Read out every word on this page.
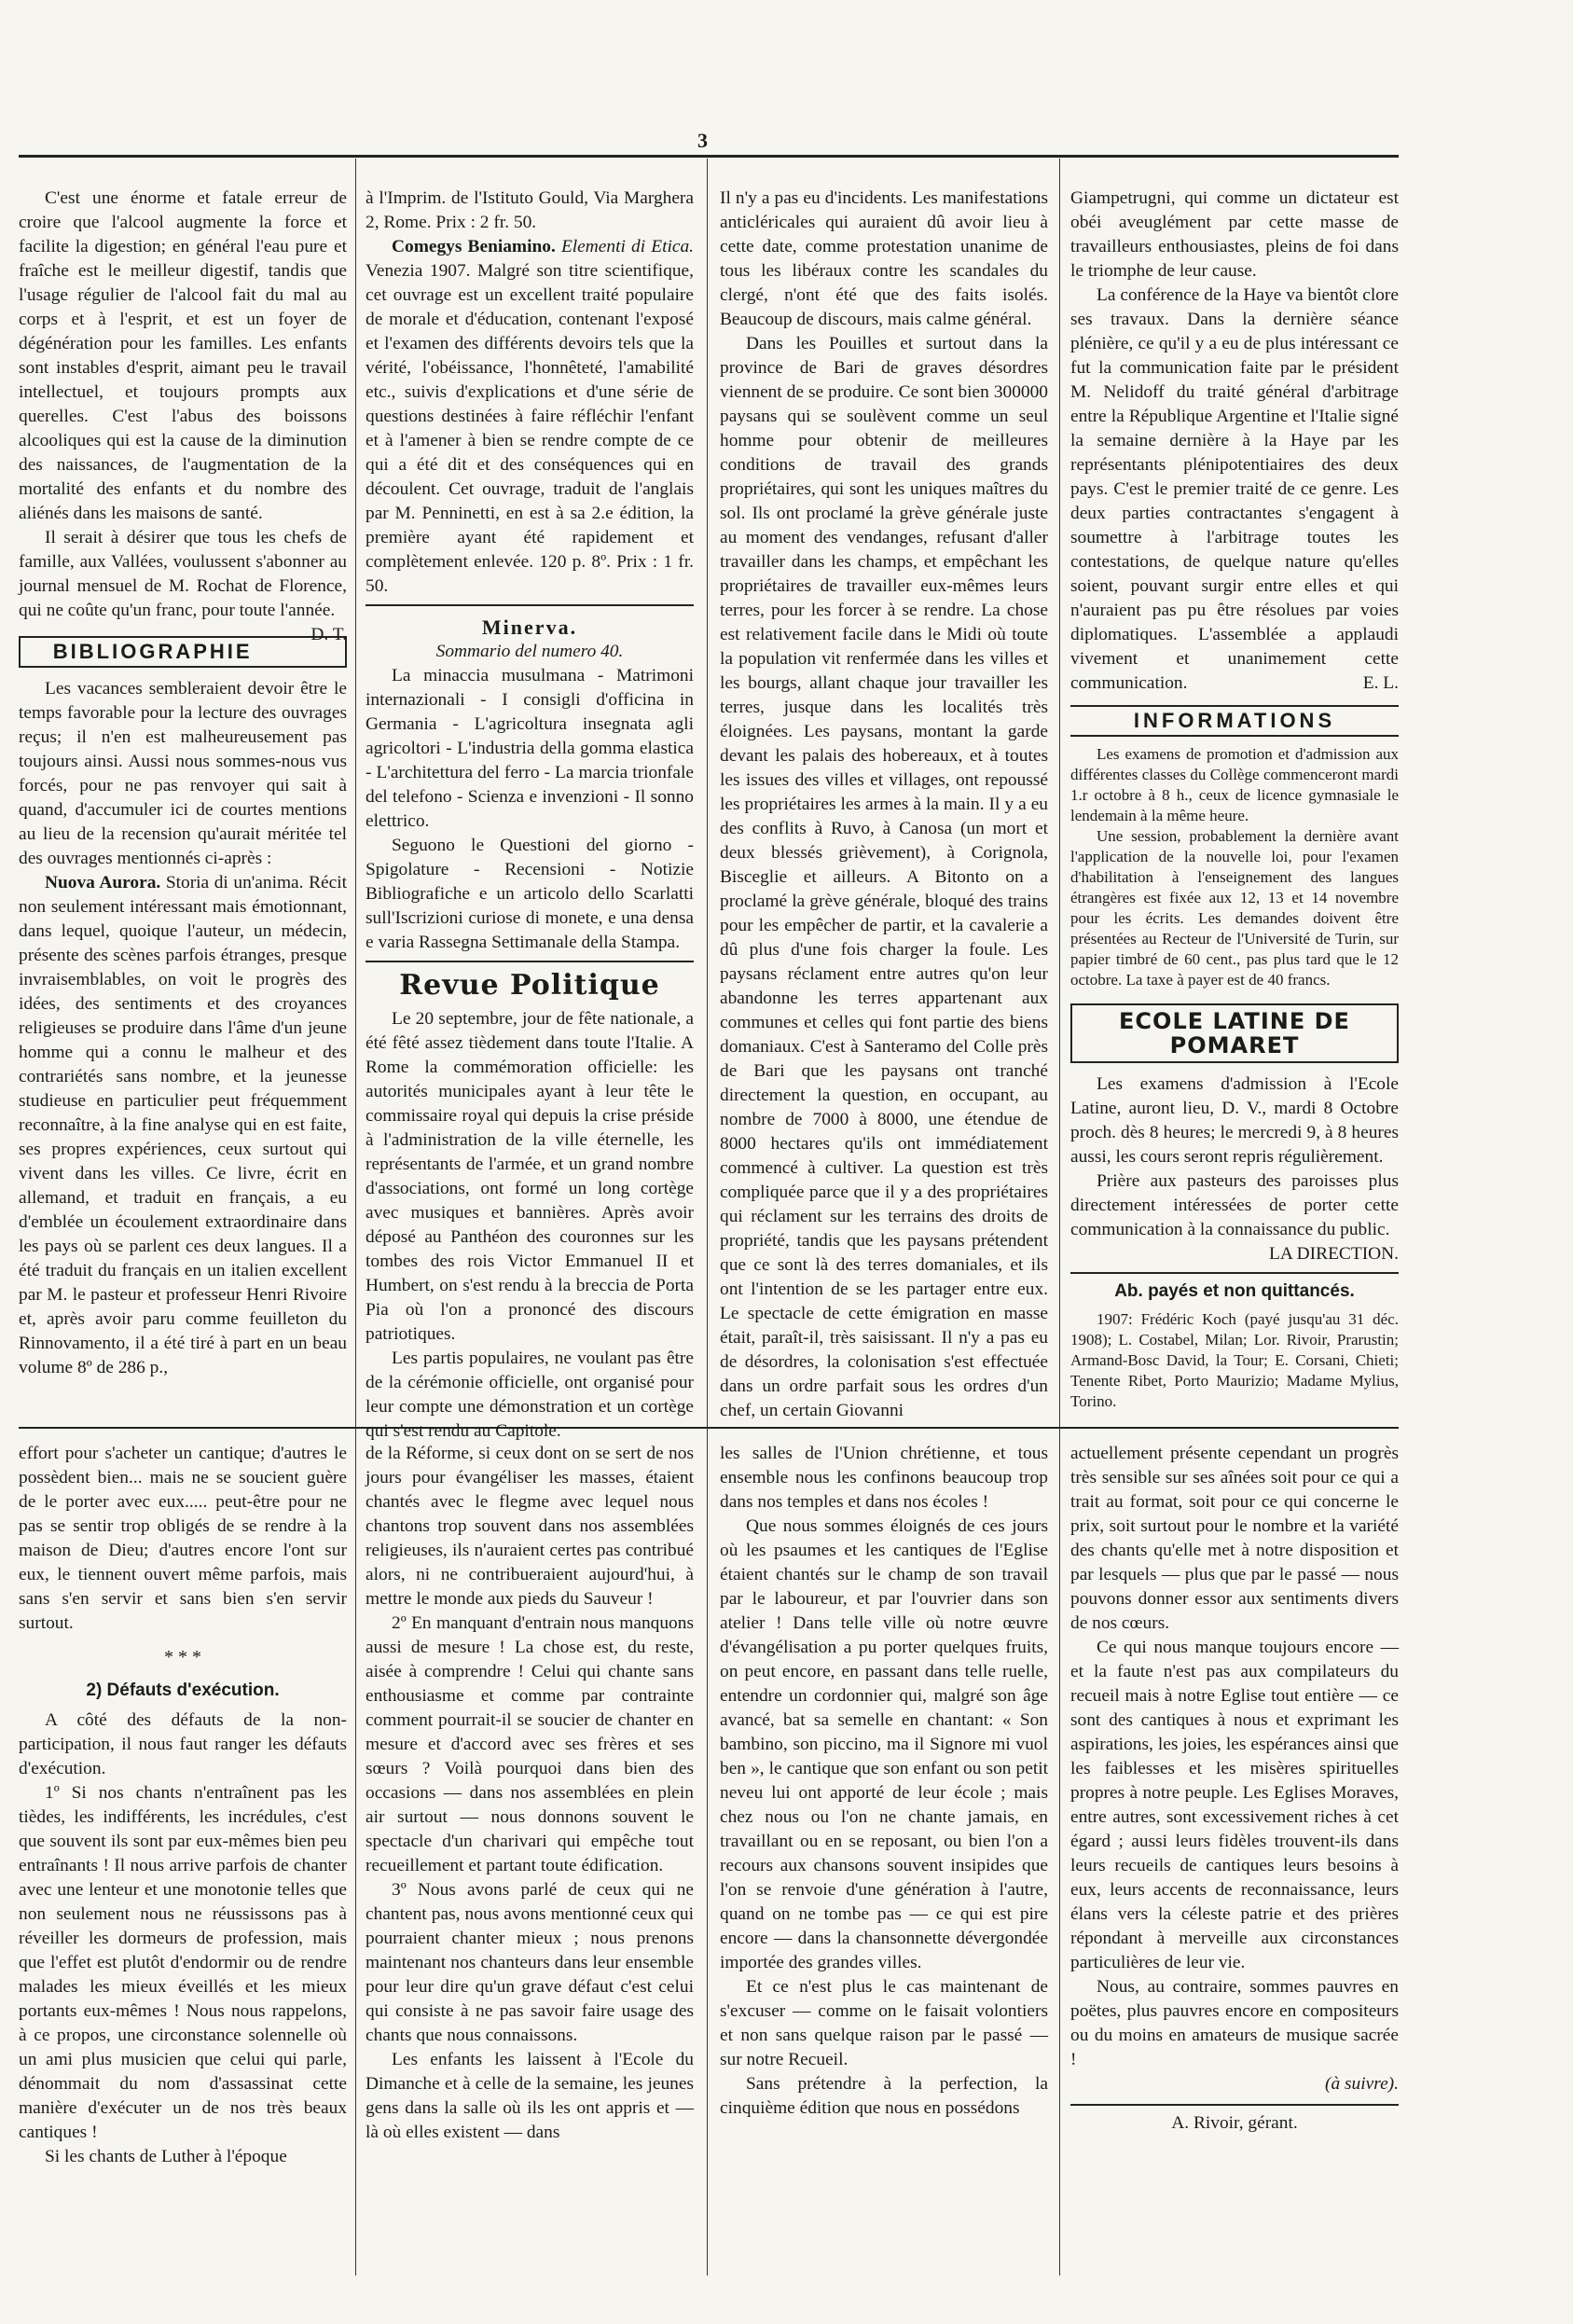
3

C'est une énorme et fatale erreur de croire que l'alcool augmente la force et facilite la digestion; en général l'eau pure et fraîche est le meilleur digestif, tandis que l'usage régulier de l'alcool fait du mal au corps et à l'esprit, et est un foyer de dégénération pour les familles. Les enfants sont instables d'esprit, aimant peu le travail intellectuel, et toujours prompts aux querelles. C'est l'abus des boissons alcooliques qui est la cause de la diminution des naissances, de l'augmentation de la mortalité des enfants et du nombre des aliénés dans les maisons de santé.

Il serait à désirer que tous les chefs de famille, aux Vallées, voulussent s'abonner au journal mensuel de M. Rochat de Florence, qui ne coûte qu'un franc, pour toute l'année.
D. T.

BIBLIOGRAPHIE

Les vacances sembleraient devoir être le temps favorable pour la lecture des ouvrages reçus; il n'en est malheureusement pas toujours ainsi. Aussi nous sommes-nous vus forcés, pour ne pas renvoyer qui sait à quand, d'accumuler ici de courtes mentions au lieu de la recension qu'aurait méritée tel des ouvrages mentionnés ci-après :

Nuova Aurora. Storia di un'anima. Récit non seulement intéressant mais émotionnant, dans lequel, quoique l'auteur, un médecin, présente des scènes parfois étranges, presque invraisemblables, on voit le progrès des idées, des sentiments et des croyances religieuses se produire dans l'âme d'un jeune homme qui a connu le malheur et des contrariétés sans nombre, et la jeunesse studieuse en particulier peut fréquemment reconnaître, à la fine analyse qui en est faite, ses propres expériences, ceux surtout qui vivent dans les villes. Ce livre, écrit en allemand, et traduit en français, a eu d'emblée un écoulement extraordinaire dans les pays où se parlent ces deux langues. Il a été traduit du français en un italien excellent par M. le pasteur et professeur Henri Rivoire et, après avoir paru comme feuilleton du Rinnovamento, il a été tiré à part en un beau volume 8º de 286 p.,

à l'Imprim. de l'Istituto Gould, Via Marghera 2, Rome. Prix : 2 fr. 50.

Comegys Beniamino. Elementi di Etica. Venezia 1907. Malgré son titre scientifique, cet ouvrage est un excellent traité populaire de morale et d'éducation, contenant l'exposé et l'examen des différents devoirs tels que la vérité, l'obéissance, l'honnêteté, l'amabilité etc., suivis d'explications et d'une série de questions destinées à faire réfléchir l'enfant et à l'amener à bien se rendre compte de ce qui a été dit et des conséquences qui en découlent. Cet ouvrage, traduit de l'anglais par M. Penninetti, en est à sa 2.e édition, la première ayant été rapidement et complètement enlevée. 120 p. 8º. Prix : 1 fr. 50.

Minerva.
Sommario del numero 40.

La minaccia musulmana - Matrimoni internazionali - I consigli d'officina in Germania - L'agricoltura insegnata agli agricoltori - L'industria della gomma elastica - L'architettura del ferro - La marcia trionfale del telefono - Scienza e invenzioni - Il sonno elettrico.

Seguono le Questioni del giorno - Spigolature - Recensioni - Notizie Bibliografiche e un articolo dello Scarlatti sull'Iscrizioni curiose di monete, e una densa e varia Rassegna Settimanale della Stampa.

Revue Politique

Le 20 septembre, jour de fête nationale, a été fêté assez tièdement dans toute l'Italie. A Rome la commémoration officielle: les autorités municipales ayant à leur tête le commissaire royal qui depuis la crise préside à l'administration de la ville éternelle, les représentants de l'armée, et un grand nombre d'associations, ont formé un long cortège avec musiques et bannières. Après avoir déposé au Panthéon des couronnes sur les tombes des rois Victor Emmanuel II et Humbert, on s'est rendu à la breccia de Porta Pia où l'on a prononcé des discours patriotiques.

Les partis populaires, ne voulant pas être de la cérémonie officielle, ont organisé pour leur compte une démonstration et un cortège qui s'est rendu au Capitole.

Il n'y a pas eu d'incidents. Les manifestations anticléricales qui auraient dû avoir lieu à cette date, comme protestation unanime de tous les libéraux contre les scandales du clergé, n'ont été que des faits isolés. Beaucoup de discours, mais calme général.

Dans les Pouilles et surtout dans la province de Bari de graves désordres viennent de se produire. Ce sont bien 300000 paysans qui se soulèvent comme un seul homme pour obtenir de meilleures conditions de travail des grands propriétaires, qui sont les uniques maîtres du sol. Ils ont proclamé la grève générale juste au moment des vendanges, refusant d'aller travailler dans les champs, et empêchant les propriétaires de travailler eux-mêmes leurs terres, pour les forcer à se rendre. La chose est relativement facile dans le Midi où toute la population vit renfermée dans les villes et les bourgs, allant chaque jour travailler les terres, jusque dans les localités très éloignées. Les paysans, montant la garde devant les palais des hobereaux, et à toutes les issues des villes et villages, ont repoussé les propriétaires les armes à la main. Il y a eu des conflits à Ruvo, à Canosa (un mort et deux blessés grièvement), à Corignola, Bisceglie et ailleurs. A Bitonto on a proclamé la grève générale, bloqué des trains pour les empêcher de partir, et la cavalerie a dû plus d'une fois charger la foule. Les paysans réclament entre autres qu'on leur abandonne les terres appartenant aux communes et celles qui font partie des biens domaniaux. C'est à Santeramo del Colle près de Bari que les paysans ont tranché directement la question, en occupant, au nombre de 7000 à 8000, une étendue de 8000 hectares qu'ils ont immédiatement commencé à cultiver. La question est très compliquée parce que il y a des propriétaires qui réclament sur les terrains des droits de propriété, tandis que les paysans prétendent que ce sont là des terres domaniales, et ils ont l'intention de se les partager entre eux. Le spectacle de cette émigration en masse était, paraît-il, très saisissant. Il n'y a pas eu de désordres, la colonisation s'est effectuée dans un ordre parfait sous les ordres d'un chef, un certain Giovanni

Giampetrugni, qui comme un dictateur est obéi aveuglément par cette masse de travailleurs enthousiastes, pleins de foi dans le triomphe de leur cause.

La conférence de la Haye va bientôt clore ses travaux. Dans la dernière séance plénière, ce qu'il y a eu de plus intéressant ce fut la communication faite par le président M. Nelidoff du traité général d'arbitrage entre la République Argentine et l'Italie signé la semaine dernière à la Haye par les représentants plénipotentiaires des deux pays. C'est le premier traité de ce genre. Les deux parties contractantes s'engagent à soumettre à l'arbitrage toutes les contestations, de quelque nature qu'elles soient, pouvant surgir entre elles et qui n'auraient pas pu être résolues par voies diplomatiques. L'assemblée a applaudi vivement et unanimement cette communication.	E. L.

INFORMATIONS

Les examens de promotion et d'admission aux différentes classes du Collège commenceront mardi 1.r octobre à 8 h., ceux de licence gymnasiale le lendemain à la même heure.

Une session, probablement la dernière avant l'application de la nouvelle loi, pour l'examen d'habilitation à l'enseignement des langues étrangères est fixée aux 12, 13 et 14 novembre pour les écrits. Les demandes doivent être présentées au Recteur de l'Université de Turin, sur papier timbré de 60 cent., pas plus tard que le 12 octobre. La taxe à payer est de 40 francs.

ECOLE LATINE DE POMARET

Les examens d'admission à l'Ecole Latine, auront lieu, D. V., mardi 8 Octobre proch. dès 8 heures; le mercredi 9, à 8 heures aussi, les cours seront repris régulièrement.

Prière aux pasteurs des paroisses plus directement intéressées de porter cette communication à la connaissance du public.

LA DIRECTION.
Ab. payés et non quittancés.

1907: Frédéric Koch (payé jusqu'au 31 déc. 1908); L. Costabel, Milan; Lor. Rivoir, Prarustin; Armand-Bosc David, la Tour; E. Corsani, Chieti; Tenente Ribet, Porto Maurizio; Madame Mylius, Torino.

effort pour s'acheter un cantique; d'autres le possèdent bien... mais ne se soucient guère de le porter avec eux..... peut-être pour ne pas se sentir trop obligés de se rendre à la maison de Dieu; d'autres encore l'ont sur eux, le tiennent ouvert même parfois, mais sans s'en servir et sans bien s'en servir surtout.

* * *
2) Défauts d'exécution.

A côté des défauts de la non-participation, il nous faut ranger les défauts d'exécution.

1º Si nos chants n'entraînent pas les tièdes, les indifférents, les incrédules, c'est que souvent ils sont par eux-mêmes bien peu entraînants ! Il nous arrive parfois de chanter avec une lenteur et une monotonie telles que non seulement nous ne réussissons pas à réveiller les dormeurs de profession, mais que l'effet est plutôt d'endormir ou de rendre malades les mieux éveillés et les mieux portants eux-mêmes ! Nous nous rappelons, à ce propos, une circonstance solennelle où un ami plus musicien que celui qui parle, dénommait du nom d'assassinat cette manière d'exécuter un de nos très beaux cantiques !

Si les chants de Luther à l'époque

de la Réforme, si ceux dont on se sert de nos jours pour évangéliser les masses, étaient chantés avec le flegme avec lequel nous chantons trop souvent dans nos assemblées religieuses, ils n'auraient certes pas contribué alors, ni ne contribueraient aujourd'hui, à mettre le monde aux pieds du Sauveur !

2º En manquant d'entrain nous manquons aussi de mesure ! La chose est, du reste, aisée à comprendre ! Celui qui chante sans enthousiasme et comme par contrainte comment pourrait-il se soucier de chanter en mesure et d'accord avec ses frères et ses sœurs ? Voilà pourquoi dans bien des occasions — dans nos assemblées en plein air surtout — nous donnons souvent le spectacle d'un charivari qui empêche tout recueillement et partant toute édification.

3º Nous avons parlé de ceux qui ne chantent pas, nous avons mentionné ceux qui pourraient chanter mieux ; nous prenons maintenant nos chanteurs dans leur ensemble pour leur dire qu'un grave défaut c'est celui qui consiste à ne pas savoir faire usage des chants que nous connaissons.

Les enfants les laissent à l'Ecole du Dimanche et à celle de la semaine, les jeunes gens dans la salle où ils les ont appris et — là où elles existent — dans

les salles de l'Union chrétienne, et tous ensemble nous les confinons beaucoup trop dans nos temples et dans nos écoles !

Que nous sommes éloignés de ces jours où les psaumes et les cantiques de l'Eglise étaient chantés sur le champ de son travail par le laboureur, et par l'ouvrier dans son atelier ! Dans telle ville où notre œuvre d'évangélisation a pu porter quelques fruits, on peut encore, en passant dans telle ruelle, entendre un cordonnier qui, malgré son âge avancé, bat sa semelle en chantant: « Son bambino, son piccino, ma il Signore mi vuol ben », le cantique que son enfant ou son petit neveu lui ont apporté de leur école ; mais chez nous ou l'on ne chante jamais, en travaillant ou en se reposant, ou bien l'on a recours aux chansons souvent insipides que l'on se renvoie d'une génération à l'autre, quand on ne tombe pas — ce qui est pire encore — dans la chansonnette dévergondée importée des grandes villes.

Et ce n'est plus le cas maintenant de s'excuser — comme on le faisait volontiers et non sans quelque raison par le passé — sur notre Recueil.

Sans prétendre à la perfection, la cinquième édition que nous en possédons

actuellement présente cependant un progrès très sensible sur ses aînées soit pour ce qui a trait au format, soit pour ce qui concerne le prix, soit surtout pour le nombre et la variété des chants qu'elle met à notre disposition et par lesquels — plus que par le passé — nous pouvons donner essor aux sentiments divers de nos cœurs.

Ce qui nous manque toujours encore — et la faute n'est pas aux compilateurs du recueil mais à notre Eglise tout entière — ce sont des cantiques à nous et exprimant les aspirations, les joies, les espérances ainsi que les faiblesses et les misères spirituelles propres à notre peuple. Les Eglises Moraves, entre autres, sont excessivement riches à cet égard ; aussi leurs fidèles trouvent-ils dans leurs recueils de cantiques leurs besoins à eux, leurs accents de reconnaissance, leurs élans vers la céleste patrie et des prières répondant à merveille aux circonstances particulières de leur vie.

Nous, au contraire, sommes pauvres en poëtes, plus pauvres encore en compositeurs ou du moins en amateurs de musique sacrée !

(à suivre).
A. Rivoir, gérant.
